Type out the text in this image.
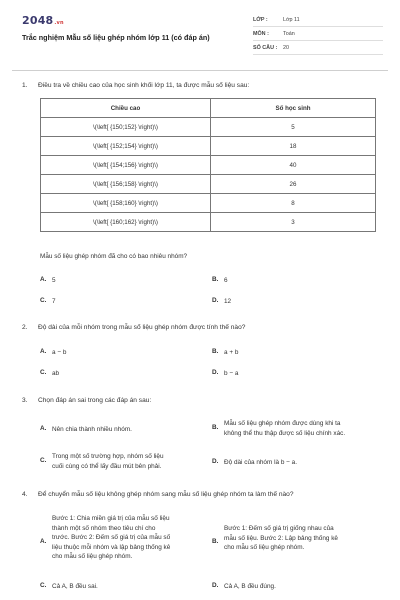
2048.vn
Trắc nghiệm Mẫu số liệu ghép nhóm lớp 11 (có đáp án)
LỚP :	Lớp 11
MÔN :	Toán
SỐ CÂU :	20
1. Điều tra về chiều cao của học sinh khối lớp 11, ta được mẫu số liệu sau:
Chiều cao	Số học sinh
\(\left[ {150;152} \right)\)	5
\(\left[ {152;154} \right)\)	18
\(\left[ {154;156} \right)\)	40
\(\left[ {156;158} \right)\)	26
\(\left[ {158;160} \right)\)	8
\(\left[ {160;162} \right)\)	3
Mẫu số liệu ghép nhóm đã cho có bao nhiêu nhóm?
A. 5	B. 6
C. 7	D. 12
2. Độ dài của mỗi nhóm trong mẫu số liệu ghép nhóm được tính thế nào?
A. a − b	B. a + b
C. ab	D. b − a
3. Chọn đáp án sai trong các đáp án sau:
A. Nên chia thành nhiều nhóm.	B.
Mẫu số liệu ghép nhóm được dùng khi ta
không thể thu thập được số liệu chính xác.
C.
Trong một số trường hợp, nhóm số liệu
cuối cùng có thể lấy đầu mút bên phải.
D. Độ dài của nhóm là b − a.
4. Để chuyển mẫu số liệu không ghép nhóm sang mẫu số liệu ghép nhóm ta làm thế nào?
A.
Bước 1: Chia miền giá trị của mẫu số liệu
thành một số nhóm theo tiêu chí cho
trước. Bước 2: Đếm số giá trị của mẫu số
liệu thuộc mỗi nhóm và lập bảng thống kê
cho mẫu số liệu ghép nhóm.
B.
Bước 1: Đếm số giá trị giống nhau của
mẫu số liệu. Bước 2: Lập bảng thống kê
cho mẫu số liệu ghép nhóm.
C. Cả A, B đều sai.	D. Cả A, B đều đúng.
